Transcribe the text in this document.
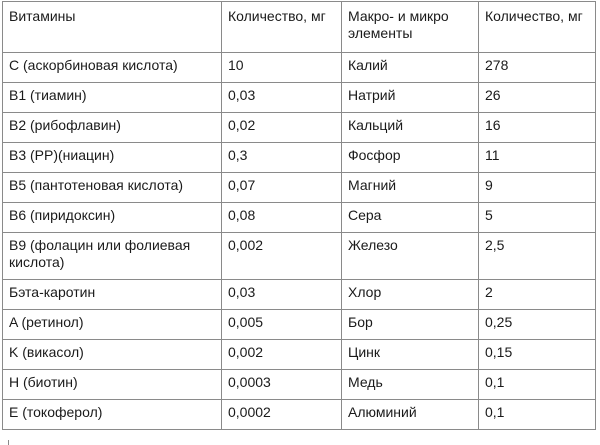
Витамины	Количество, мг	Макро- и микро элементы	Количество, мг
C (аскорбиновая кислота)	10	Калий	278
B1 (тиамин)	0,03	Натрий	26
B2 (рибофлавин)	0,02	Кальций	16
B3 (PP)(ниацин)	0,3	Фосфор	11
B5 (пантотеновая кислота)	0,07	Магний	9
B6 (пиридоксин)	0,08	Сера	5
B9 (фолацин или фолиевая кислота)	0,002	Железо	2,5
Бэта-каротин	0,03	Хлор	2
A (ретинол)	0,005	Бор	0,25
K (викасол)	0,002	Цинк	0,15
H (биотин)	0,0003	Медь	0,1
E (токоферол)	0,0002	Алюминий	0,1
